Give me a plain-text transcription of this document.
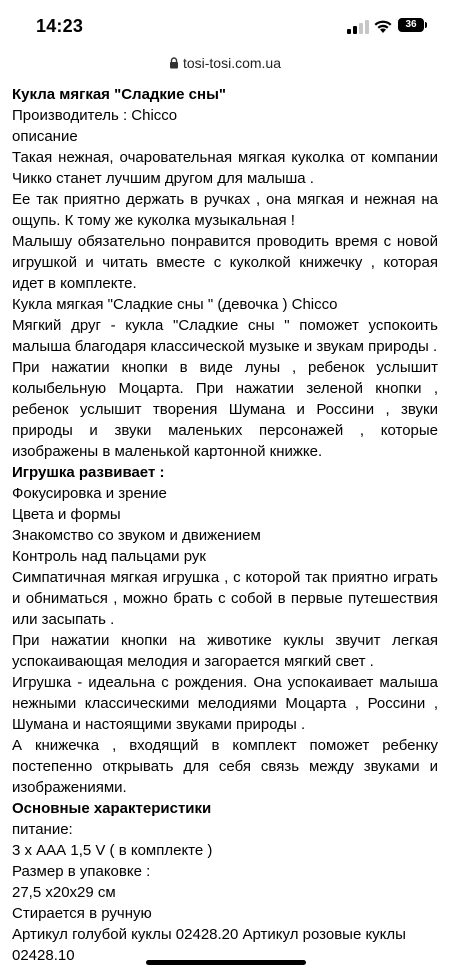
14:23	36
tosi-tosi.com.ua

Кукла мягкая "Сладкие сны"

Производитель : Chicco

описание

Такая нежная, очаровательная мягкая куколка от компании Чикко станет лучшим другом для малыша .

Ее так приятно держать в ручках , она мягкая и нежная на ощупь. К тому же куколка музыкальная !

Малышу обязательно понравится проводить время с новой игрушкой и читать вместе с куколкой книжечку , которая идет в комплекте.

Кукла мягкая "Сладкие сны " (девочка ) Chicco

Мягкий друг - кукла "Сладкие сны " поможет успокоить малыша благодаря классической музыке и звукам природы .

При нажатии кнопки в виде луны , ребенок услышит колыбельную Моцарта. При нажатии зеленой кнопки , ребенок услышит творения Шумана и Россини , звуки природы и звуки маленьких персонажей , которые изображены в маленькой картонной книжке.

Игрушка развивает :

Фокусировка и зрение

Цвета и формы

Знакомство со звуком и движением

Контроль над пальцами рук

Симпатичная мягкая игрушка , с которой так приятно играть и обниматься , можно брать с собой в первые путешествия или засыпать .

При нажатии кнопки на животике куклы звучит легкая успокаивающая мелодия и загорается мягкий свет .

Игрушка - идеальна с рождения. Она успокаивает малыша нежными классическими мелодиями Моцарта , Россини , Шумана и настоящими звуками природы .

А книжечка , входящий в комплект поможет ребенку постепенно открывать для себя связь между звуками и изображениями.

Основные характеристики

питание:

3 х ААА 1,5 V ( в комплекте )

Размер в упаковке :

27,5 х20х29 см

Стирается в ручную

Артикул голубой куклы 02428.20 Артикул розовые куклы 02428.10
